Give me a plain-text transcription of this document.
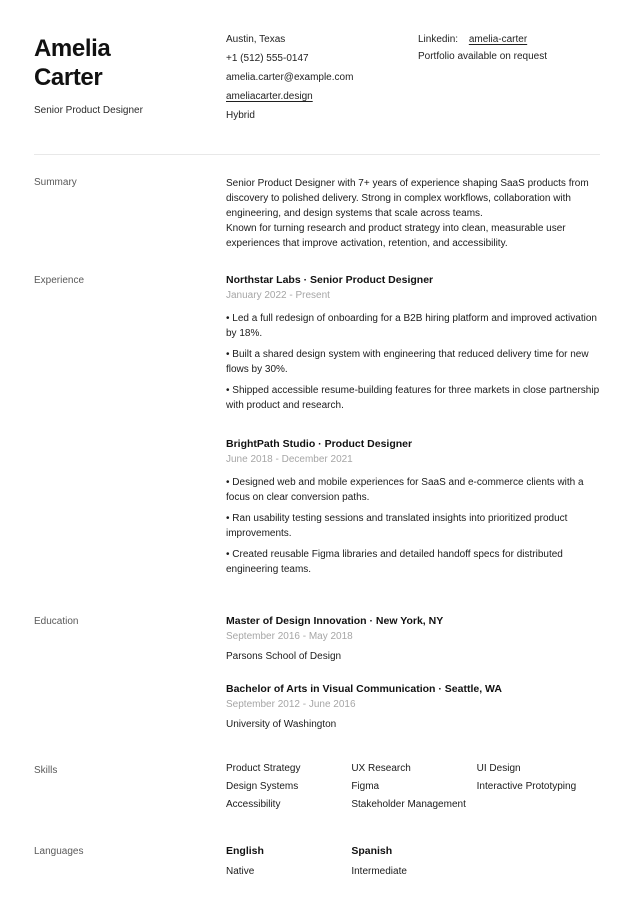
Amelia
Carter
Senior Product Designer
Austin, Texas
+1 (512) 555-0147
amelia.carter@example.com
ameliacarter.design
Hybrid
Linkedin: amelia-carter
Portfolio available on request
Summary	Senior Product Designer with 7+ years of experience shaping SaaS products from discovery to polished delivery. Strong in complex workflows, collaboration with engineering, and design systems that scale across teams.

Known for turning research and product strategy into clean, measurable user experiences that improve activation, retention, and accessibility.

Experience	Northstar Labs · Senior Product Designer
January 2022 - Present

• Led a full redesign of onboarding for a B2B hiring platform and improved activation by 18%.

• Built a shared design system with engineering that reduced delivery time for new flows by 30%.

• Shipped accessible resume-building features for three markets in close partnership with product and research.

BrightPath Studio · Product Designer
June 2018 - December 2021

• Designed web and mobile experiences for SaaS and e-commerce clients with a focus on clear conversion paths.

• Ran usability testing sessions and translated insights into prioritized product improvements.

• Created reusable Figma libraries and detailed handoff specs for distributed engineering teams.

Education	Master of Design Innovation · New York, NY
September 2016 - May 2018
Parsons School of Design
Bachelor of Arts in Visual Communication · Seattle, WA
September 2012 - June 2016
University of Washington
Skills	Product Strategy	UX Research	UI Design
Design Systems	Figma	Interactive Prototyping
Accessibility	Stakeholder Management
Languages	English
Native
Spanish
Intermediate
